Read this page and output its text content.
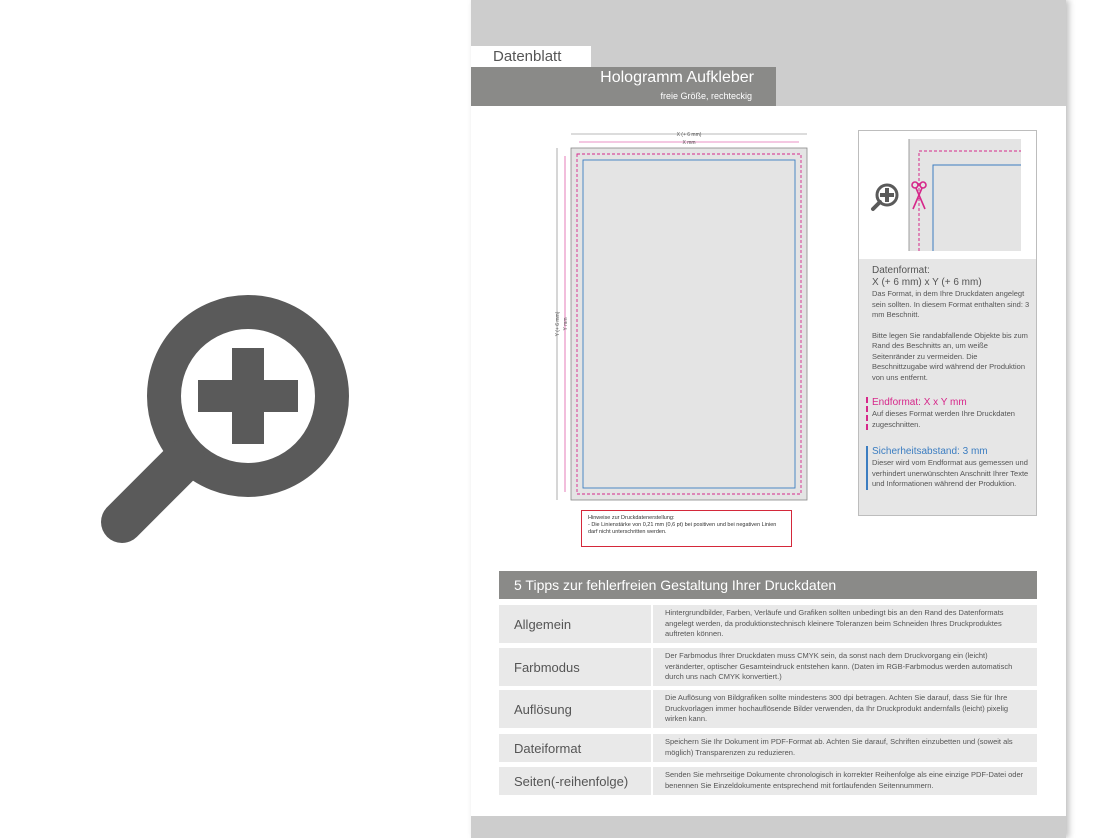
Datenblatt
Hologramm Aufkleber
freie Größe, rechteckig
X (+ 6 mm)
X mm
Y (+ 6 mm) Y mm
Hinweise zur Druckdatenerstellung:
- Die Linienstärke von 0,21 mm (0,6 pt) bei positiven und bei negativen Linien darf nicht unterschritten werden.
Datenformat:
X (+ 6 mm) x Y (+ 6 mm)
Das Format, in dem Ihre Druckdaten angelegt sein sollten. In diesem Format enthalten sind: 3 mm Beschnitt.
Bitte legen Sie randabfallende Objekte bis zum Rand des Beschnitts an, um weiße Seitenränder zu vermeiden. Die Beschnittzugabe wird während der Produktion von uns entfernt.
Endformat: X x Y mm
Auf dieses Format werden Ihre Druckdaten zugeschnitten.
Sicherheitsabstand: 3 mm
Dieser wird vom Endformat aus gemessen und verhindert unerwünschten Anschnitt Ihrer Texte und Informationen während der Produktion.
5 Tipps zur fehlerfreien Gestaltung Ihrer Druckdaten
Allgemein
Hintergrundbilder, Farben, Verläufe und Grafiken sollten unbedingt bis an den Rand des Datenformats angelegt werden, da produktionstechnisch kleinere Toleranzen beim Schneiden Ihres Druckproduktes auftreten können.
Farbmodus
Der Farbmodus Ihrer Druckdaten muss CMYK sein, da sonst nach dem Druckvorgang ein (leicht) veränderter, optischer Gesamteindruck entstehen kann. (Daten im RGB-Farbmodus werden automatisch durch uns nach CMYK konvertiert.)
Auflösung
Die Auflösung von Bildgrafiken sollte mindestens 300 dpi betragen. Achten Sie darauf, dass Sie für Ihre Druckvorlagen immer hochauflösende Bilder verwenden, da Ihr Druckprodukt andernfalls (leicht) pixelig wirken kann.
Dateiformat	Speichern Sie Ihr Dokument im PDF-Format ab. Achten Sie darauf, Schriften einzubetten und (soweit als möglich) Transparenzen zu reduzieren.
Seiten(-reihenfolge)	Senden Sie mehrseitige Dokumente chronologisch in korrekter Reihenfolge als eine einzige PDF-Datei oder benennen Sie Einzeldokumente entsprechend mit fortlaufenden Seitennummern.
